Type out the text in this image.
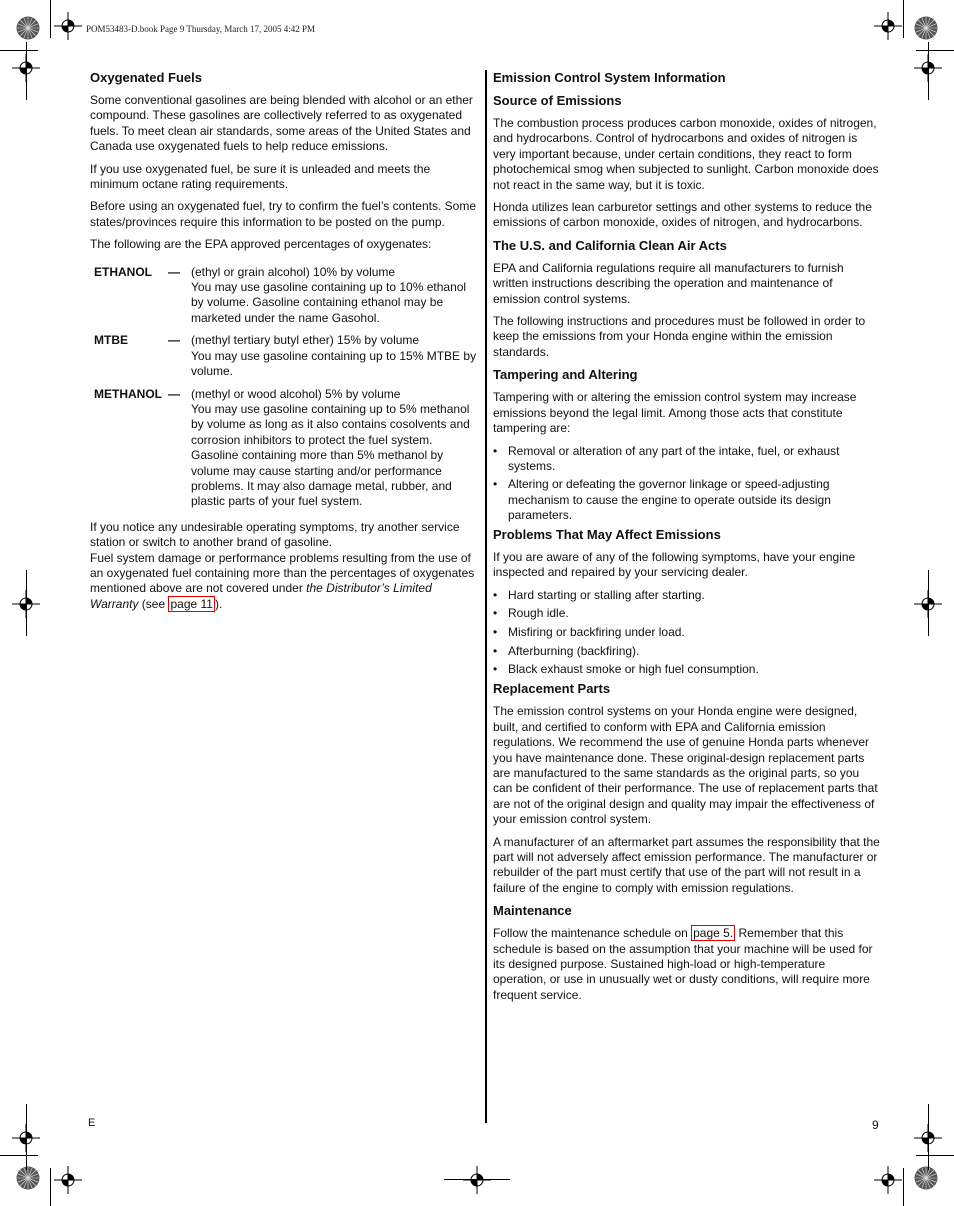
POM53483-D.book Page 9 Thursday, March 17, 2005 4:42 PM
Oxygenated Fuels

Some conventional gasolines are being blended with alcohol or an ether compound. These gasolines are collectively referred to as oxygenated fuels. To meet clean air standards, some areas of the United States and Canada use oxygenated fuels to help reduce emissions.

If you use oxygenated fuel, be sure it is unleaded and meets the minimum octane rating requirements.

Before using an oxygenated fuel, try to confirm the fuel’s contents. Some states/provinces require this information to be posted on the pump.

The following are the EPA approved percentages of oxygenates:

ETHANOL	— (ethyl or grain alcohol) 10% by volume
You may use gasoline containing up to 10% ethanol by volume. Gasoline containing ethanol may be marketed under the name Gasohol.
MTBE	— (methyl tertiary butyl ether) 15% by volume
You may use gasoline containing up to 15% MTBE by volume.
METHANOL — (methyl or wood alcohol) 5% by volume
You may use gasoline containing up to 5% methanol by volume as long as it also contains cosolvents and corrosion inhibitors to protect the fuel system. Gasoline containing more than 5% methanol by volume may cause starting and/or performance problems. It may also damage metal, rubber, and plastic parts of your fuel system.

If you notice any undesirable operating symptoms, try another service station or switch to another brand of gasoline.

Fuel system damage or performance problems resulting from the use of an oxygenated fuel containing more than the percentages of oxygenates mentioned above are not covered under the Distributor’s Limited Warranty (see page 11 ).

Emission Control System Information
Source of Emissions

The combustion process produces carbon monoxide, oxides of nitrogen, and hydrocarbons. Control of hydrocarbons and oxides of nitrogen is very important because, under certain conditions, they react to form photochemical smog when subjected to sunlight. Carbon monoxide does not react in the same way, but it is toxic.

Honda utilizes lean carburetor settings and other systems to reduce the emissions of carbon monoxide, oxides of nitrogen, and hydrocarbons.

The U.S. and California Clean Air Acts

EPA and California regulations require all manufacturers to furnish written instructions describing the operation and maintenance of emission control systems.

The following instructions and procedures must be followed in order to keep the emissions from your Honda engine within the emission standards.

Tampering and Altering

Tampering with or altering the emission control system may increase emissions beyond the legal limit. Among those acts that constitute tampering are:

• Removal or alteration of any part of the intake, fuel, or exhaust systems.
• Altering or defeating the governor linkage or speed-adjusting mechanism to cause the engine to operate outside its design parameters.
Problems That May Affect Emissions

If you are aware of any of the following symptoms, have your engine inspected and repaired by your servicing dealer.

• Hard starting or stalling after starting.
• Rough idle.
• Misfiring or backfiring under load.
• Afterburning (backfiring).
• Black exhaust smoke or high fuel consumption.
Replacement Parts

The emission control systems on your Honda engine were designed, built, and certified to conform with EPA and California emission regulations. We recommend the use of genuine Honda parts whenever you have maintenance done. These original-design replacement parts are manufactured to the same standards as the original parts, so you can be confident of their performance. The use of replacement parts that are not of the original design and quality may impair the effectiveness of your emission control system.

A manufacturer of an aftermarket part assumes the responsibility that the part will not adversely affect emission performance. The manufacturer or rebuilder of the part must certify that use of the part will not result in a failure of the engine to comply with emission regulations.

Maintenance

Follow the maintenance schedule on page 5. Remember that this schedule is based on the assumption that your machine will be used for its designed purpose. Sustained high-load or high-temperature operation, or use in unusually wet or dusty conditions, will require more frequent service.

E	9
